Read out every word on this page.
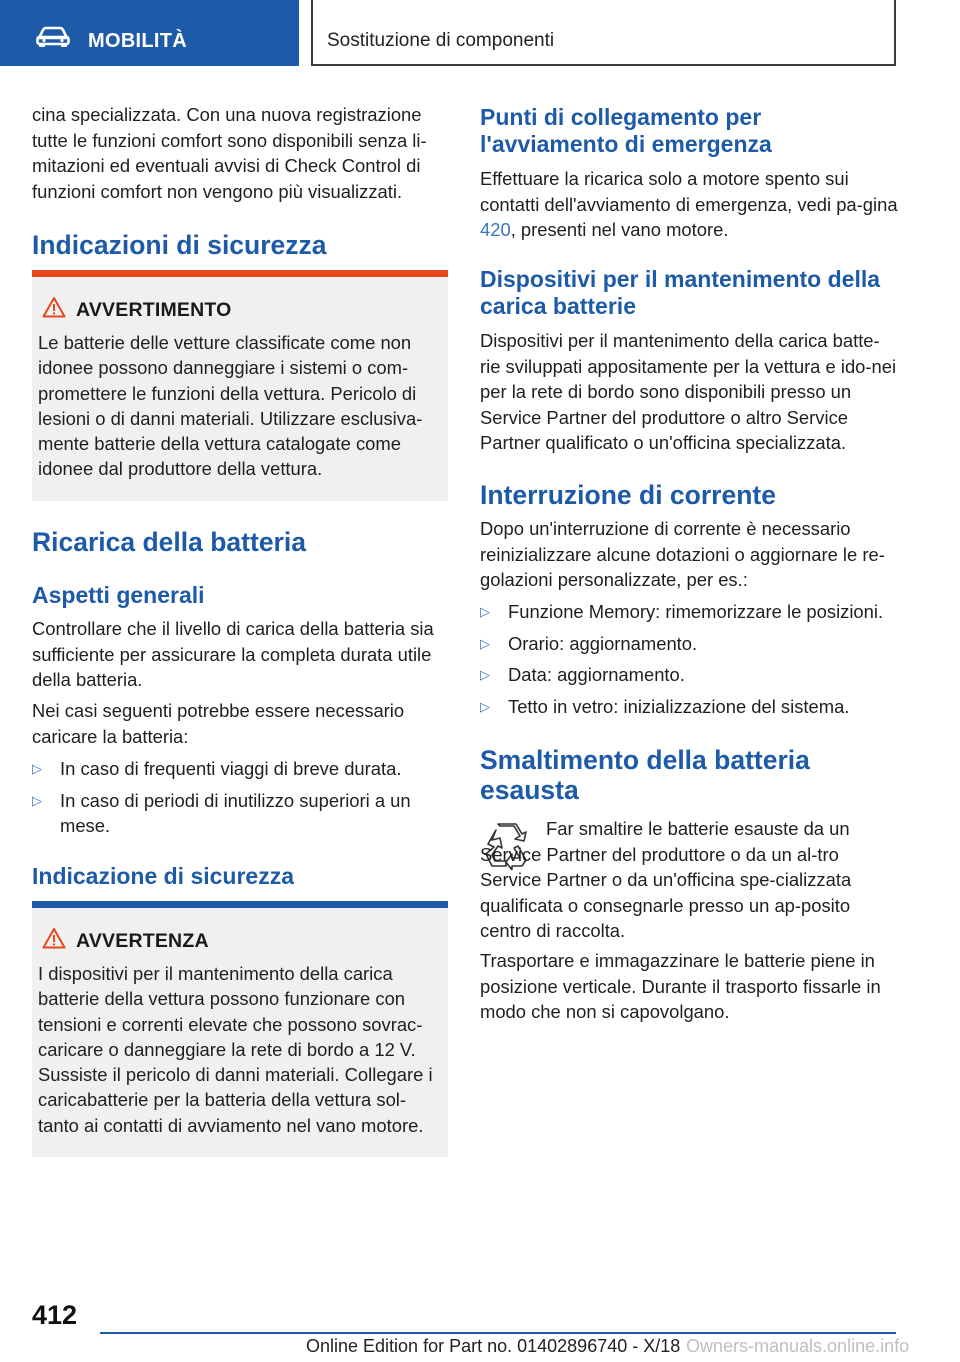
MOBILITÀ	Sostituzione di componenti

cina specializzata. Con una nuova registrazione tutte le funzioni comfort sono disponibili senza li-mitazioni ed eventuali avvisi di Check Control di funzioni comfort non vengono più visualizzati.

Indicazioni di sicurezza
AVVERTIMENTO

Le batterie delle vetture classificate come non idonee possono danneggiare i sistemi o com-promettere le funzioni della vettura. Pericolo di lesioni o di danni materiali. Utilizzare esclusiva-mente batterie della vettura catalogate come idonee dal produttore della vettura.

Ricarica della batteria
Aspetti generali

Controllare che il livello di carica della batteria sia sufficiente per assicurare la completa durata utile della batteria.

Nei casi seguenti potrebbe essere necessario caricare la batteria:

▷ In caso di frequenti viaggi di breve durata.
▷ In caso di periodi di inutilizzo superiori a un mese.
Indicazione di sicurezza
AVVERTENZA

I dispositivi per il mantenimento della carica batterie della vettura possono funzionare con tensioni e correnti elevate che possono sovrac-caricare o danneggiare la rete di bordo a 12 V. Sussiste il pericolo di danni materiali. Collegare i caricabatterie per la batteria della vettura sol-tanto ai contatti di avviamento nel vano motore.

Punti di collegamento per l'avviamento di emergenza

Effettuare la ricarica solo a motore spento sui contatti dell'avviamento di emergenza, vedi pa-gina 420, presenti nel vano motore.

Dispositivi per il mantenimento della carica batterie

Dispositivi per il mantenimento della carica batte-rie sviluppati appositamente per la vettura e ido-nei per la rete di bordo sono disponibili presso un Service Partner del produttore o altro Service Partner qualificato o un'officina specializzata.

Interruzione di corrente

Dopo un'interruzione di corrente è necessario reinizializzare alcune dotazioni o aggiornare le re-golazioni personalizzate, per es.:

▷ Funzione Memory: rimemorizzare le posizioni.
▷ Orario: aggiornamento.
▷ Data: aggiornamento.
▷ Tetto in vetro: inizializzazione del sistema.
Smaltimento della batteria esausta

Far smaltire le batterie esauste da un Service Partner del produttore o da un al-tro Service Partner o da un'officina spe-cializzata qualificata o consegnarle presso un ap-posito centro di raccolta.

Trasportare e immagazzinare le batterie piene in posizione verticale. Durante il trasporto fissarle in modo che non si capovolgano.

412
Online Edition for Part no. 01402896740 - X/18 Owners-manuals.online.info
